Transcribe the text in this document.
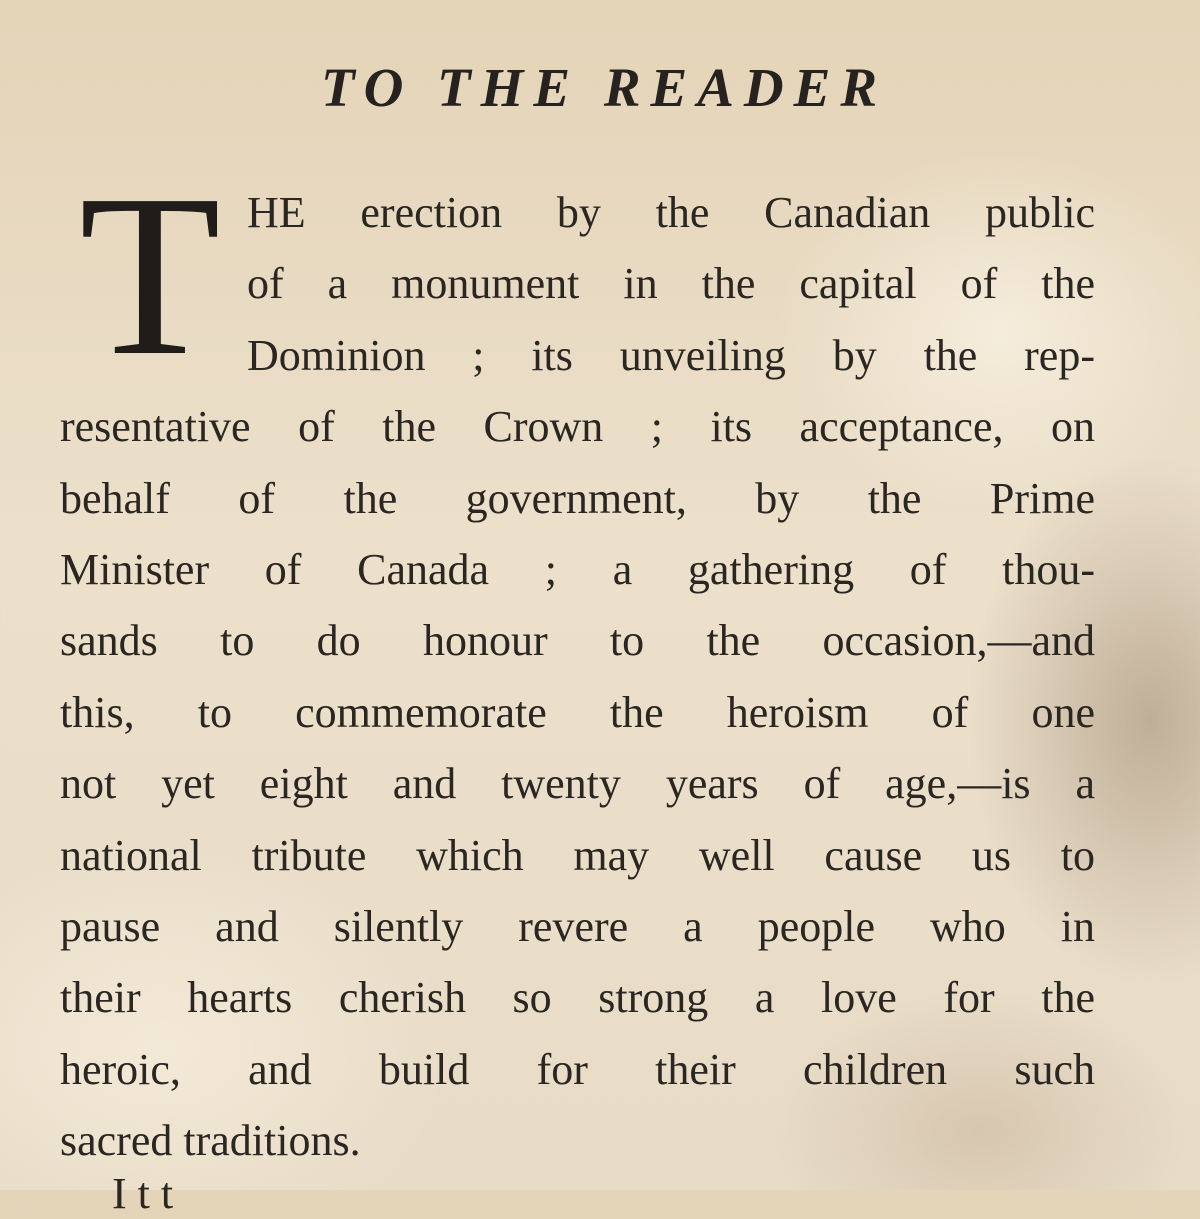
TO THE READER
T HE erection by the Canadian public
of a monument in the capital of the
Dominion ; its unveiling by the rep-
resentative of the Crown ; its acceptance, on
behalf of the government, by the Prime
Minister of Canada ; a gathering of thou-
sands to do honour to the occasion,—and
this, to commemorate the heroism of one
not yet eight and twenty years of age,—is a
national tribute which may well cause us to
pause and silently revere a people who in
their hearts cherish so strong a love for the
heroic, and build for their children such
sacred traditions.
I t t
